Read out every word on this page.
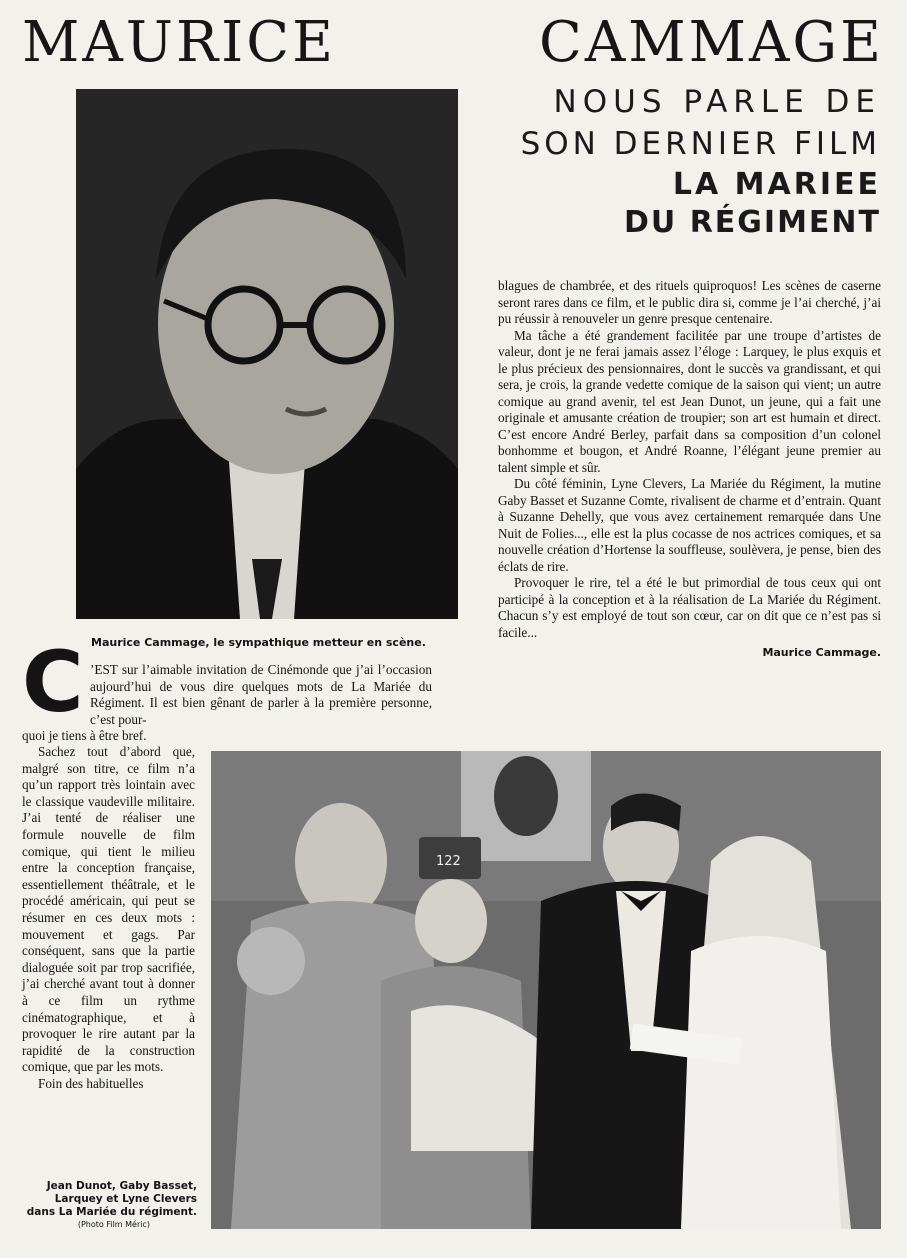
MAURICE	CAMMAGE
NOUS PARLE DE
SON DERNIER FILM
LA MARIEE
DU RÉGIMENT
Maurice Cammage, le sympathique metteur en scène.
C ’EST sur l’aimable invitation de Cinémonde que j’ai l’occasion aujourd’hui de vous dire quelques mots de La Mariée du Régiment. Il est bien gênant de parler à la première personne, c’est pour-
quoi je tiens à être bref.

Sachez tout d’abord que, malgré son titre, ce film n’a qu’un rapport très lointain avec le classique vaudeville militaire. J’ai tenté de réaliser une formule nouvelle de film comique, qui tient le milieu entre la conception française, essentiellement théâtrale, et le procédé américain, qui peut se résumer en ces deux mots : mouvement et gags. Par conséquent, sans que la partie dialoguée soit par trop sacrifiée, j’ai cherché avant tout à donner à ce film un rythme cinématographique, et à provoquer le rire autant par la rapidité de la construction comique, que par les mots.

Foin des habituelles

blagues de chambrée, et des rituels quiproquos! Les scènes de caserne seront rares dans ce film, et le public dira si, comme je l’ai cherché, j’ai pu réussir à renouveler un genre presque centenaire.

Ma tâche a été grandement facilitée par une troupe d’artistes de valeur, dont je ne ferai jamais assez l’éloge : Larquey, le plus exquis et le plus précieux des pensionnaires, dont le succès va grandissant, et qui sera, je crois, la grande vedette comique de la saison qui vient; un autre comique au grand avenir, tel est Jean Dunot, un jeune, qui a fait une originale et amusante création de troupier; son art est humain et direct. C’est encore André Berley, parfait dans sa composition d’un colonel bonhomme et bougon, et André Roanne, l’élégant jeune premier au talent simple et sûr.

Du côté féminin, Lyne Clevers, La Mariée du Régiment, la mutine Gaby Basset et Suzanne Comte, rivalisent de charme et d’entrain. Quant à Suzanne Dehelly, que vous avez certainement remarquée dans Une Nuit de Folies..., elle est la plus cocasse de nos actrices comiques, et sa nouvelle création d’Hortense la souffleuse, soulèvera, je pense, bien des éclats de rire.

Provoquer le rire, tel a été le but primordial de tous ceux qui ont participé à la conception et à la réalisation de La Mariée du Régiment. Chacun s’y est employé de tout son cœur, car on dit que ce n’est pas si facile...

Maurice Cammage.
122
Jean Dunot, Gaby Basset,
Larquey et Lyne Clevers
dans La Mariée du régiment.
(Photo Film Méric)
